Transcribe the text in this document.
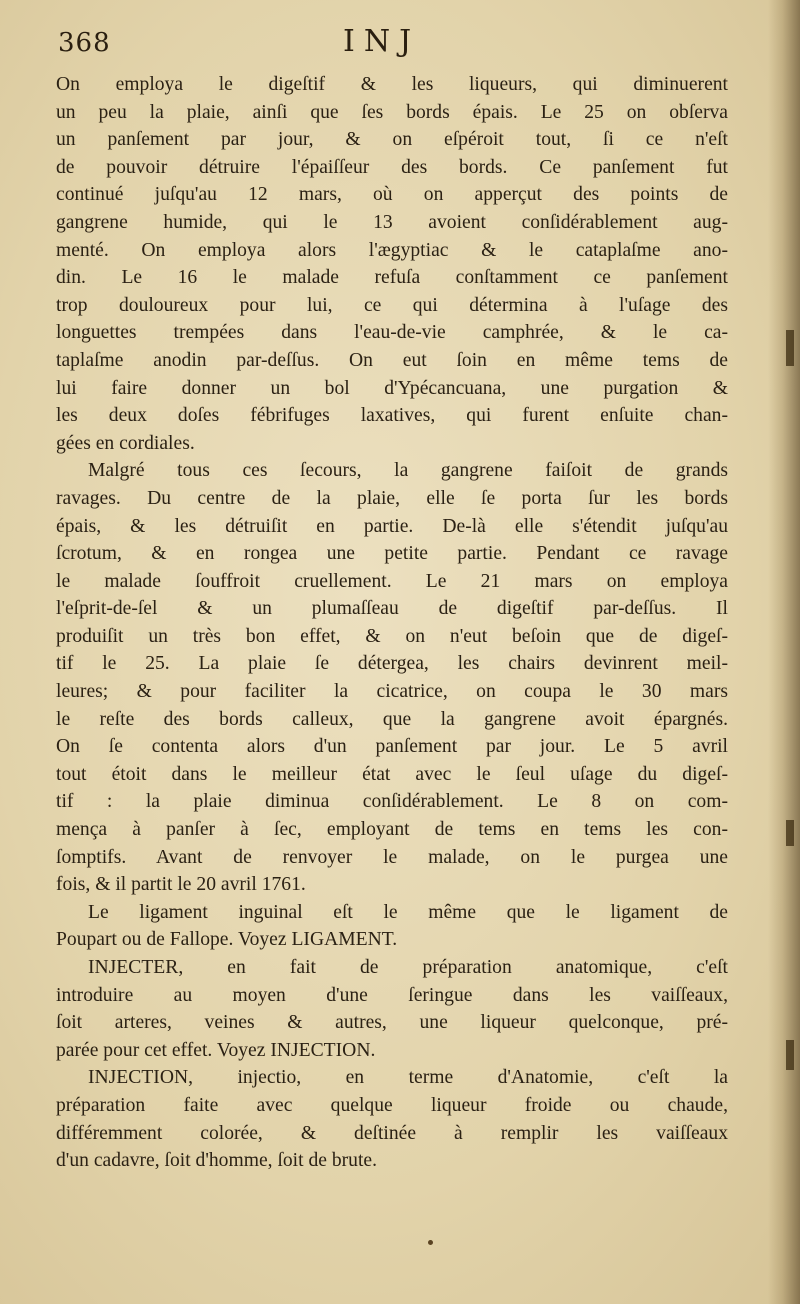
368	INJ
On employa le digeſtif & les liqueurs, qui diminuerent
un peu la plaie, ainſi que ſes bords épais. Le 25 on obſerva
un panſement par jour, & on eſpéroit tout, ſi ce n'eſt
de pouvoir détruire l'épaiſſeur des bords. Ce panſement fut
continué juſqu'au 12 mars, où on apperçut des points de
gangrene humide, qui le 13 avoient conſidérablement aug-
menté. On employa alors l'ægyptiac & le cataplaſme ano-
din. Le 16 le malade refuſa conſtamment ce panſement
trop douloureux pour lui, ce qui détermina à l'uſage des
longuettes trempées dans l'eau-de-vie camphrée, & le ca-
taplaſme anodin par-deſſus. On eut ſoin en même tems de
lui faire donner un bol d'Ypécancuana, une purgation &
les deux doſes fébrifuges laxatives, qui furent enſuite chan-
gées en cordiales.
Malgré tous ces ſecours, la gangrene faiſoit de grands
ravages. Du centre de la plaie, elle ſe porta ſur les bords
épais, & les détruiſit en partie. De-là elle s'étendit juſqu'au
ſcrotum, & en rongea une petite partie. Pendant ce ravage
le malade ſouffroit cruellement. Le 21 mars on employa
l'eſprit-de-ſel & un plumaſſeau de digeſtif par-deſſus. Il
produiſit un très bon effet, & on n'eut beſoin que de digeſ-
tif le 25. La plaie ſe détergea, les chairs devinrent meil-
leures; & pour faciliter la cicatrice, on coupa le 30 mars
le reſte des bords calleux, que la gangrene avoit épargnés.
On ſe contenta alors d'un panſement par jour. Le 5 avril
tout étoit dans le meilleur état avec le ſeul uſage du digeſ-
tif : la plaie diminua conſidérablement. Le 8 on com-
mença à panſer à ſec, employant de tems en tems les con-
ſomptifs. Avant de renvoyer le malade, on le purgea une
fois, & il partit le 20 avril 1761.
Le ligament inguinal eſt le même que le ligament de
Poupart ou de Fallope. Voyez LIGAMENT.
INJECTER, en fait de préparation anatomique, c'eſt
introduire au moyen d'une ſeringue dans les vaiſſeaux,
ſoit arteres, veines & autres, une liqueur quelconque, pré-
parée pour cet effet. Voyez INJECTION.
INJECTION, injectio, en terme d'Anatomie, c'eſt la
préparation faite avec quelque liqueur froide ou chaude,
différemment colorée, & deſtinée à remplir les vaiſſeaux
d'un cadavre, ſoit d'homme, ſoit de brute.
